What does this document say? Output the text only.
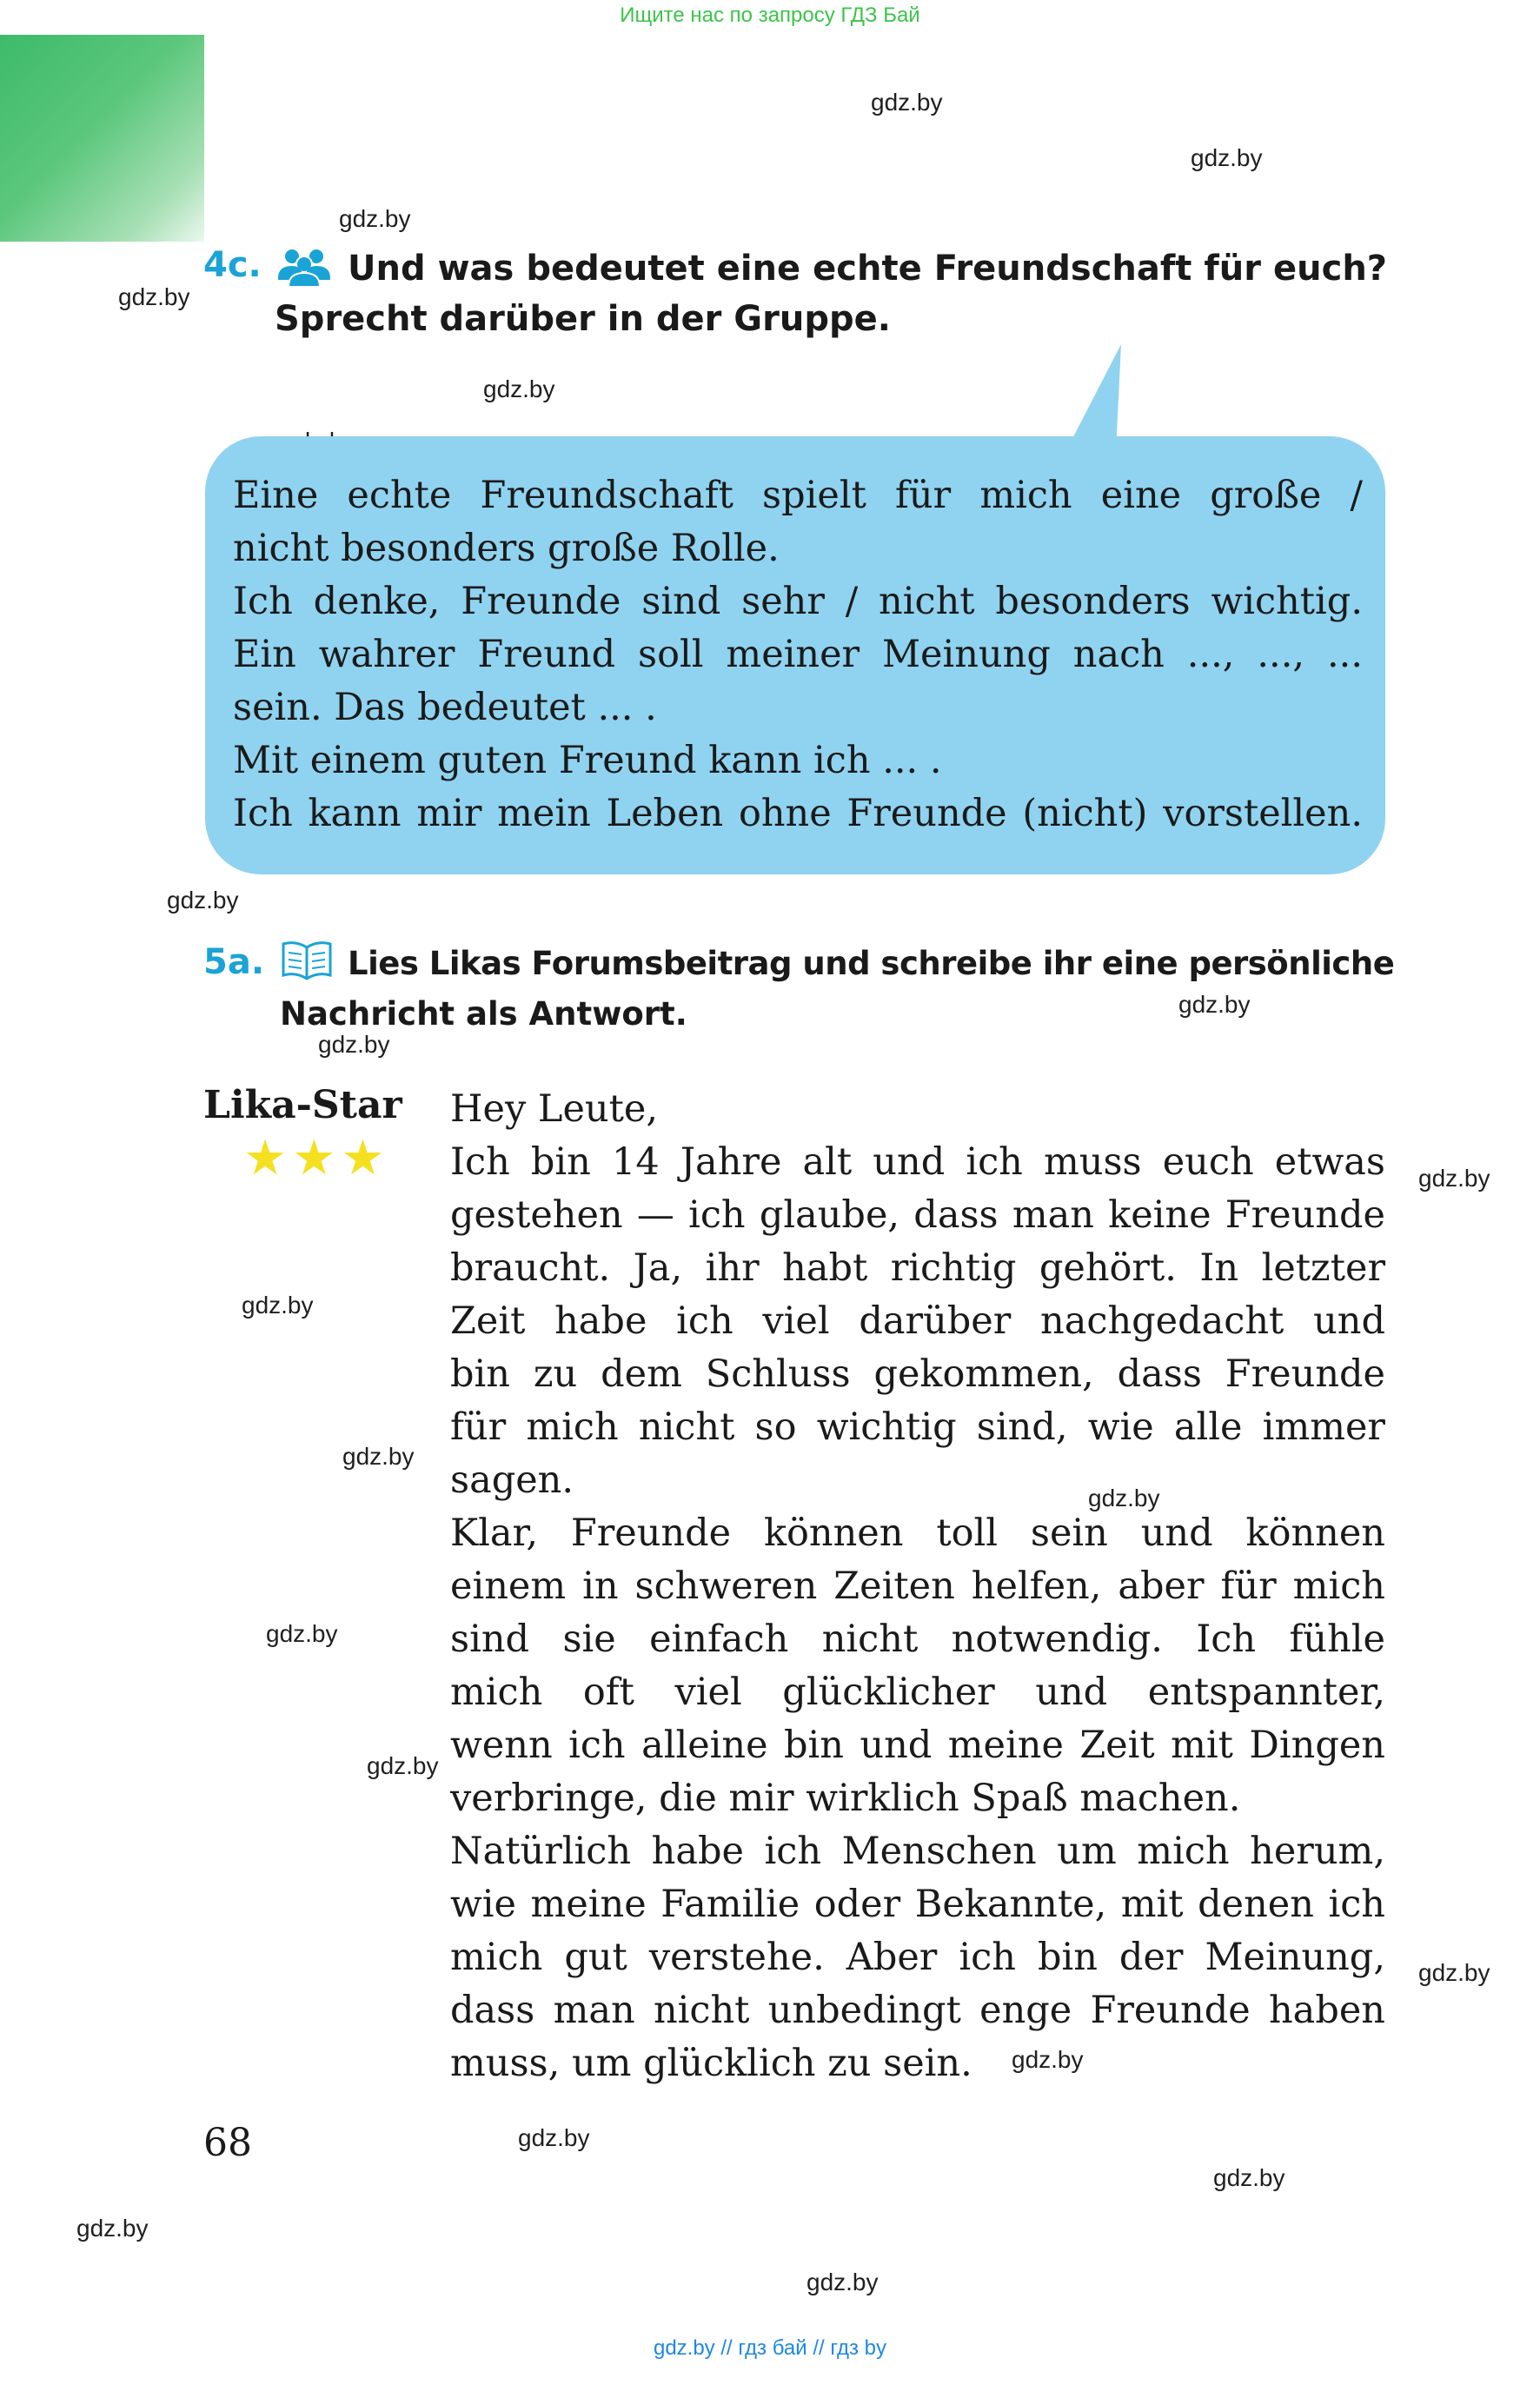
Ищите нас по запросу ГДЗ Бай
gdz.by
gdz.by
gdz.by
gdz.by
gdz.by
gdz.by
gdz.by
gdz.by
gdz.by
gdz.by
gdz.by
gdz.by
gdz.by
gdz.by
gdz.by
gdz.by
gdz.by
gdz.by
gdz.by
gdz.by
4c. Und was bedeutet eine echte Freundschaft für euch?
Sprecht darüber in der Gruppe.
Eine echte Freundschaft spielt für mich eine große /
nicht besonders große Rolle.
Ich denke, Freunde sind sehr / nicht besonders wichtig.
Ein wahrer Freund soll meiner Meinung nach ..., ..., ...
sein. Das bedeutet ... .
Mit einem guten Freund kann ich ... .
Ich kann mir mein Leben ohne Freunde (nicht) vorstellen.
5a.	Lies Likas Forumsbeitrag und schreibe ihr eine persönliche
Nachricht als Antwort.
Lika-Star
★★★
Hey Leute,
Ich bin 14 Jahre alt und ich muss euch etwas
gestehen — ich glaube, dass man keine Freunde
braucht. Ja, ihr habt richtig gehört. In letzter
Zeit habe ich viel darüber nachgedacht und
bin zu dem Schluss gekommen, dass Freunde
für mich nicht so wichtig sind, wie alle immer
sagen.
Klar, Freunde können toll sein und können
einem in schweren Zeiten helfen, aber für mich
sind sie einfach nicht notwendig. Ich fühle
mich oft viel glücklicher und entspannter,
wenn ich alleine bin und meine Zeit mit Dingen
verbringe, die mir wirklich Spaß machen.
Natürlich habe ich Menschen um mich herum,
wie meine Familie oder Bekannte, mit denen ich
mich gut verstehe. Aber ich bin der Meinung,
dass man nicht unbedingt enge Freunde haben
muss, um glücklich zu sein.
68
gdz.by // гдз бай // гдз by
